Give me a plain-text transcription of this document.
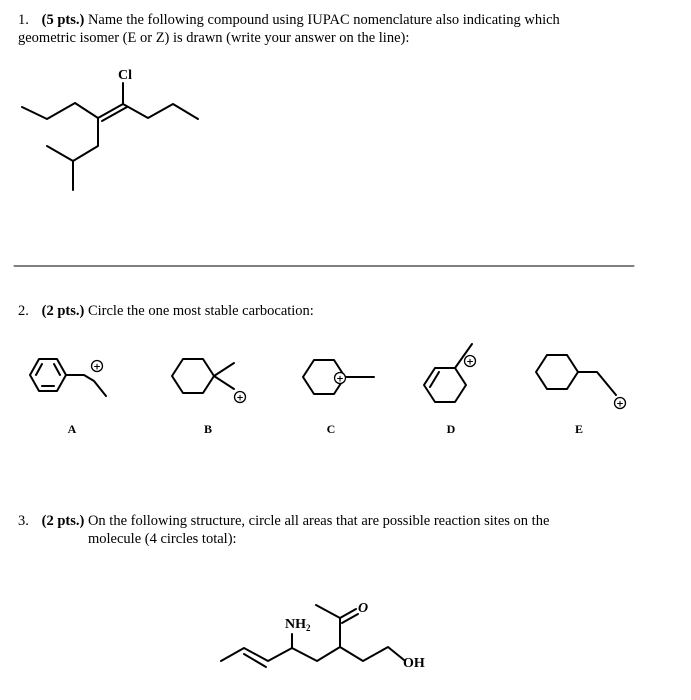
1. (5 pts.) Name the following compound using IUPAC nomenclature also indicating which
geometric isomer (E or Z) is drawn (write your answer on the line):
2. (2 pts.) Circle the one most stable carbocation:
3. (2 pts.) On the following structure, circle all areas that are possible reaction sites on the
molecule (4 circles total):
+
+
+
+
+
Cl
$NH_2$
O
OH
A	B	C	D	E
